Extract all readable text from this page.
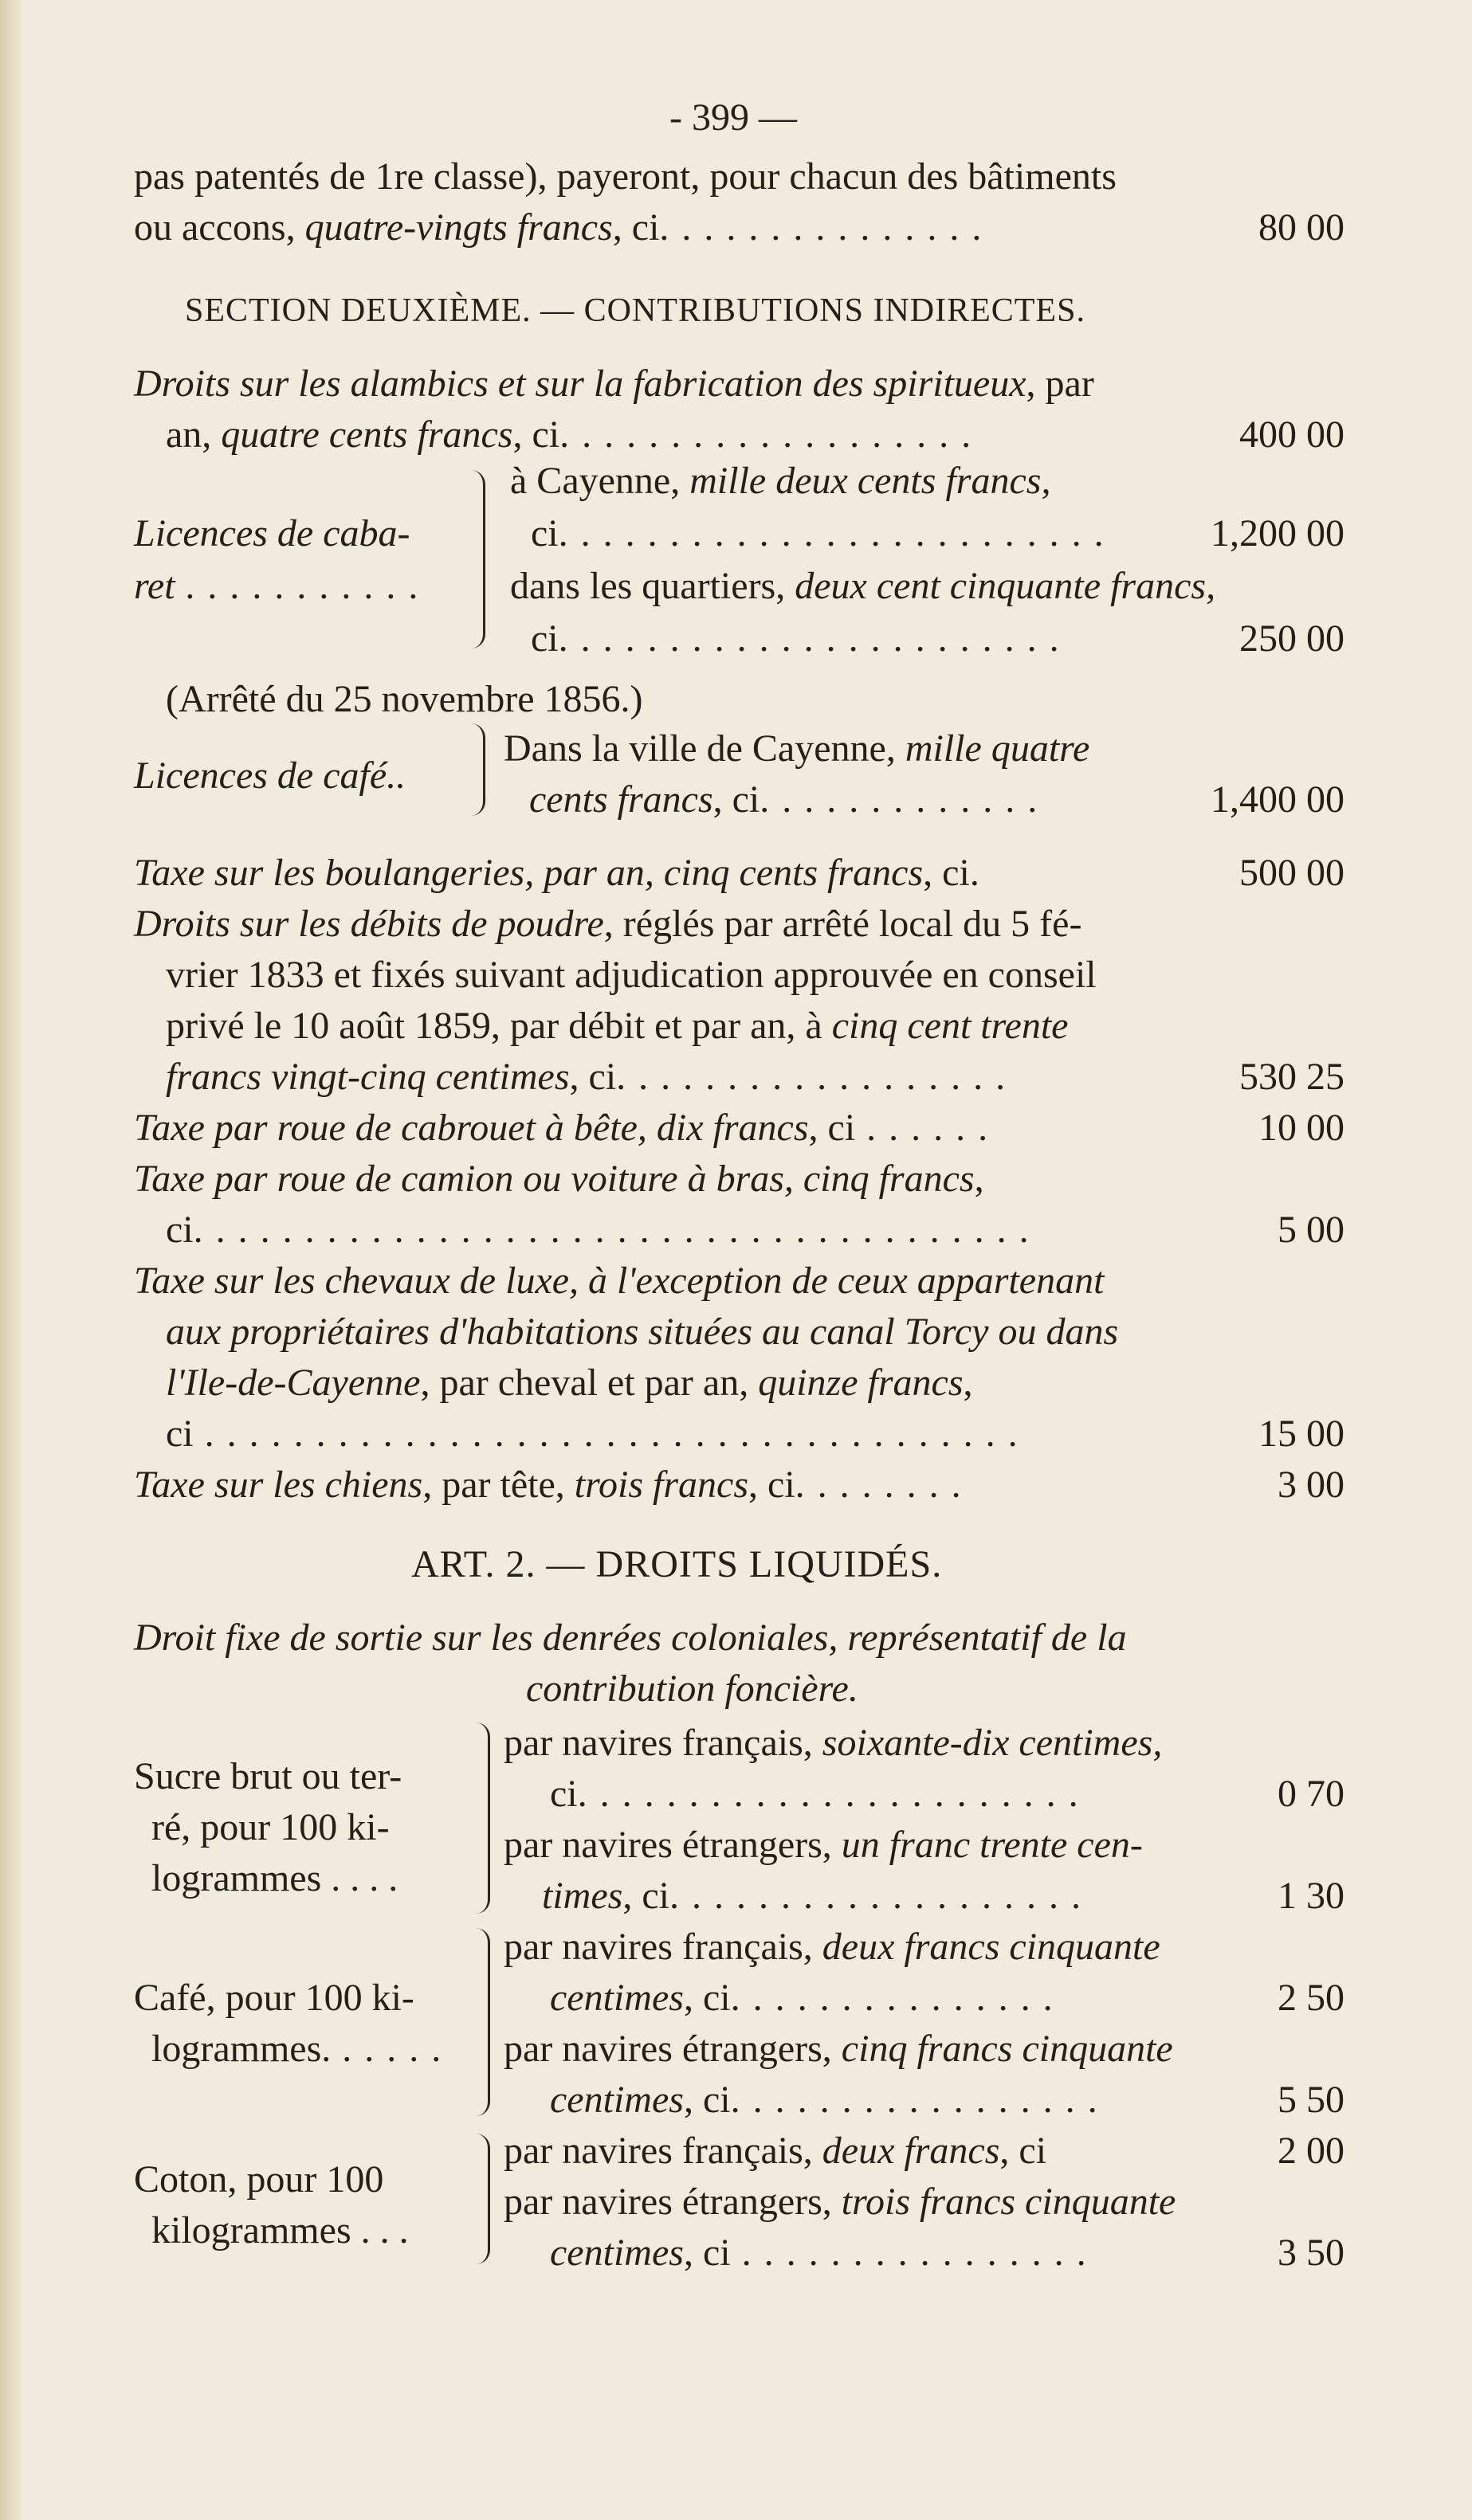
- 399 —
pas patentés de 1re classe), payeront, pour chacun des bâtiments
ou accons, quatre-vingts francs, ci. . . . . . . . . . . . . . .	80 00
SECTION DEUXIÈME. — CONTRIBUTIONS INDIRECTES.
Droits sur les alambics et sur la fabrication des spiritueux, par
an, quatre cents francs, ci. . . . . . . . . . . . . . . . . . .	400 00
Licences de caba-
ret . . . . . . . . . . .
à Cayenne, mille deux cents francs,
ci. . . . . . . . . . . . . . . . . . . . . . . . .	1,200 00
dans les quartiers, deux cent cinquante francs,
ci. . . . . . . . . . . . . . . . . . . . . . .	250 00
(Arrêté du 25 novembre 1856.)
Licences de café..
Dans la ville de Cayenne, mille quatre
cents francs, ci. . . . . . . . . . . . .	1,400 00
Taxe sur les boulangeries, par an, cinq cents francs, ci.	500 00
Droits sur les débits de poudre, réglés par arrêté local du 5 fé-
vrier 1833 et fixés suivant adjudication approuvée en conseil
privé le 10 août 1859, par débit et par an, à cinq cent trente
francs vingt-cinq centimes, ci. . . . . . . . . . . . . . . . . .	530 25
Taxe par roue de cabrouet à bête, dix francs, ci . . . . . .	10 00
Taxe par roue de camion ou voiture à bras, cinq francs,
ci. . . . . . . . . . . . . . . . . . . . . . . . . . . . . . . . . . . . . .	5 00
Taxe sur les chevaux de luxe, à l'exception de ceux appartenant
aux propriétaires d'habitations situées au canal Torcy ou dans
l'Ile-de-Cayenne, par cheval et par an, quinze francs,
ci . . . . . . . . . . . . . . . . . . . . . . . . . . . . . . . . . . . . .	15 00
Taxe sur les chiens, par tête, trois francs, ci. . . . . . . .	3 00
ART. 2. — DROITS LIQUIDÉS.
Droit fixe de sortie sur les denrées coloniales, représentatif de la
contribution foncière.
Sucre brut ou ter-
ré, pour 100 ki-
logrammes . . . .
par navires français, soixante-dix centimes,
ci. . . . . . . . . . . . . . . . . . . . . . .	0 70
par navires étrangers, un franc trente cen-
times, ci. . . . . . . . . . . . . . . . . . .	1 30
Café, pour 100 ki-
logrammes. . . . . .
par navires français, deux francs cinquante
centimes, ci. . . . . . . . . . . . . . .	2 50
par navires étrangers, cinq francs cinquante
centimes, ci. . . . . . . . . . . . . . . . .	5 50
Coton, pour 100
kilogrammes . . .
par navires français, deux francs, ci	2 00
par navires étrangers, trois francs cinquante
centimes, ci . . . . . . . . . . . . . . . .	3 50
